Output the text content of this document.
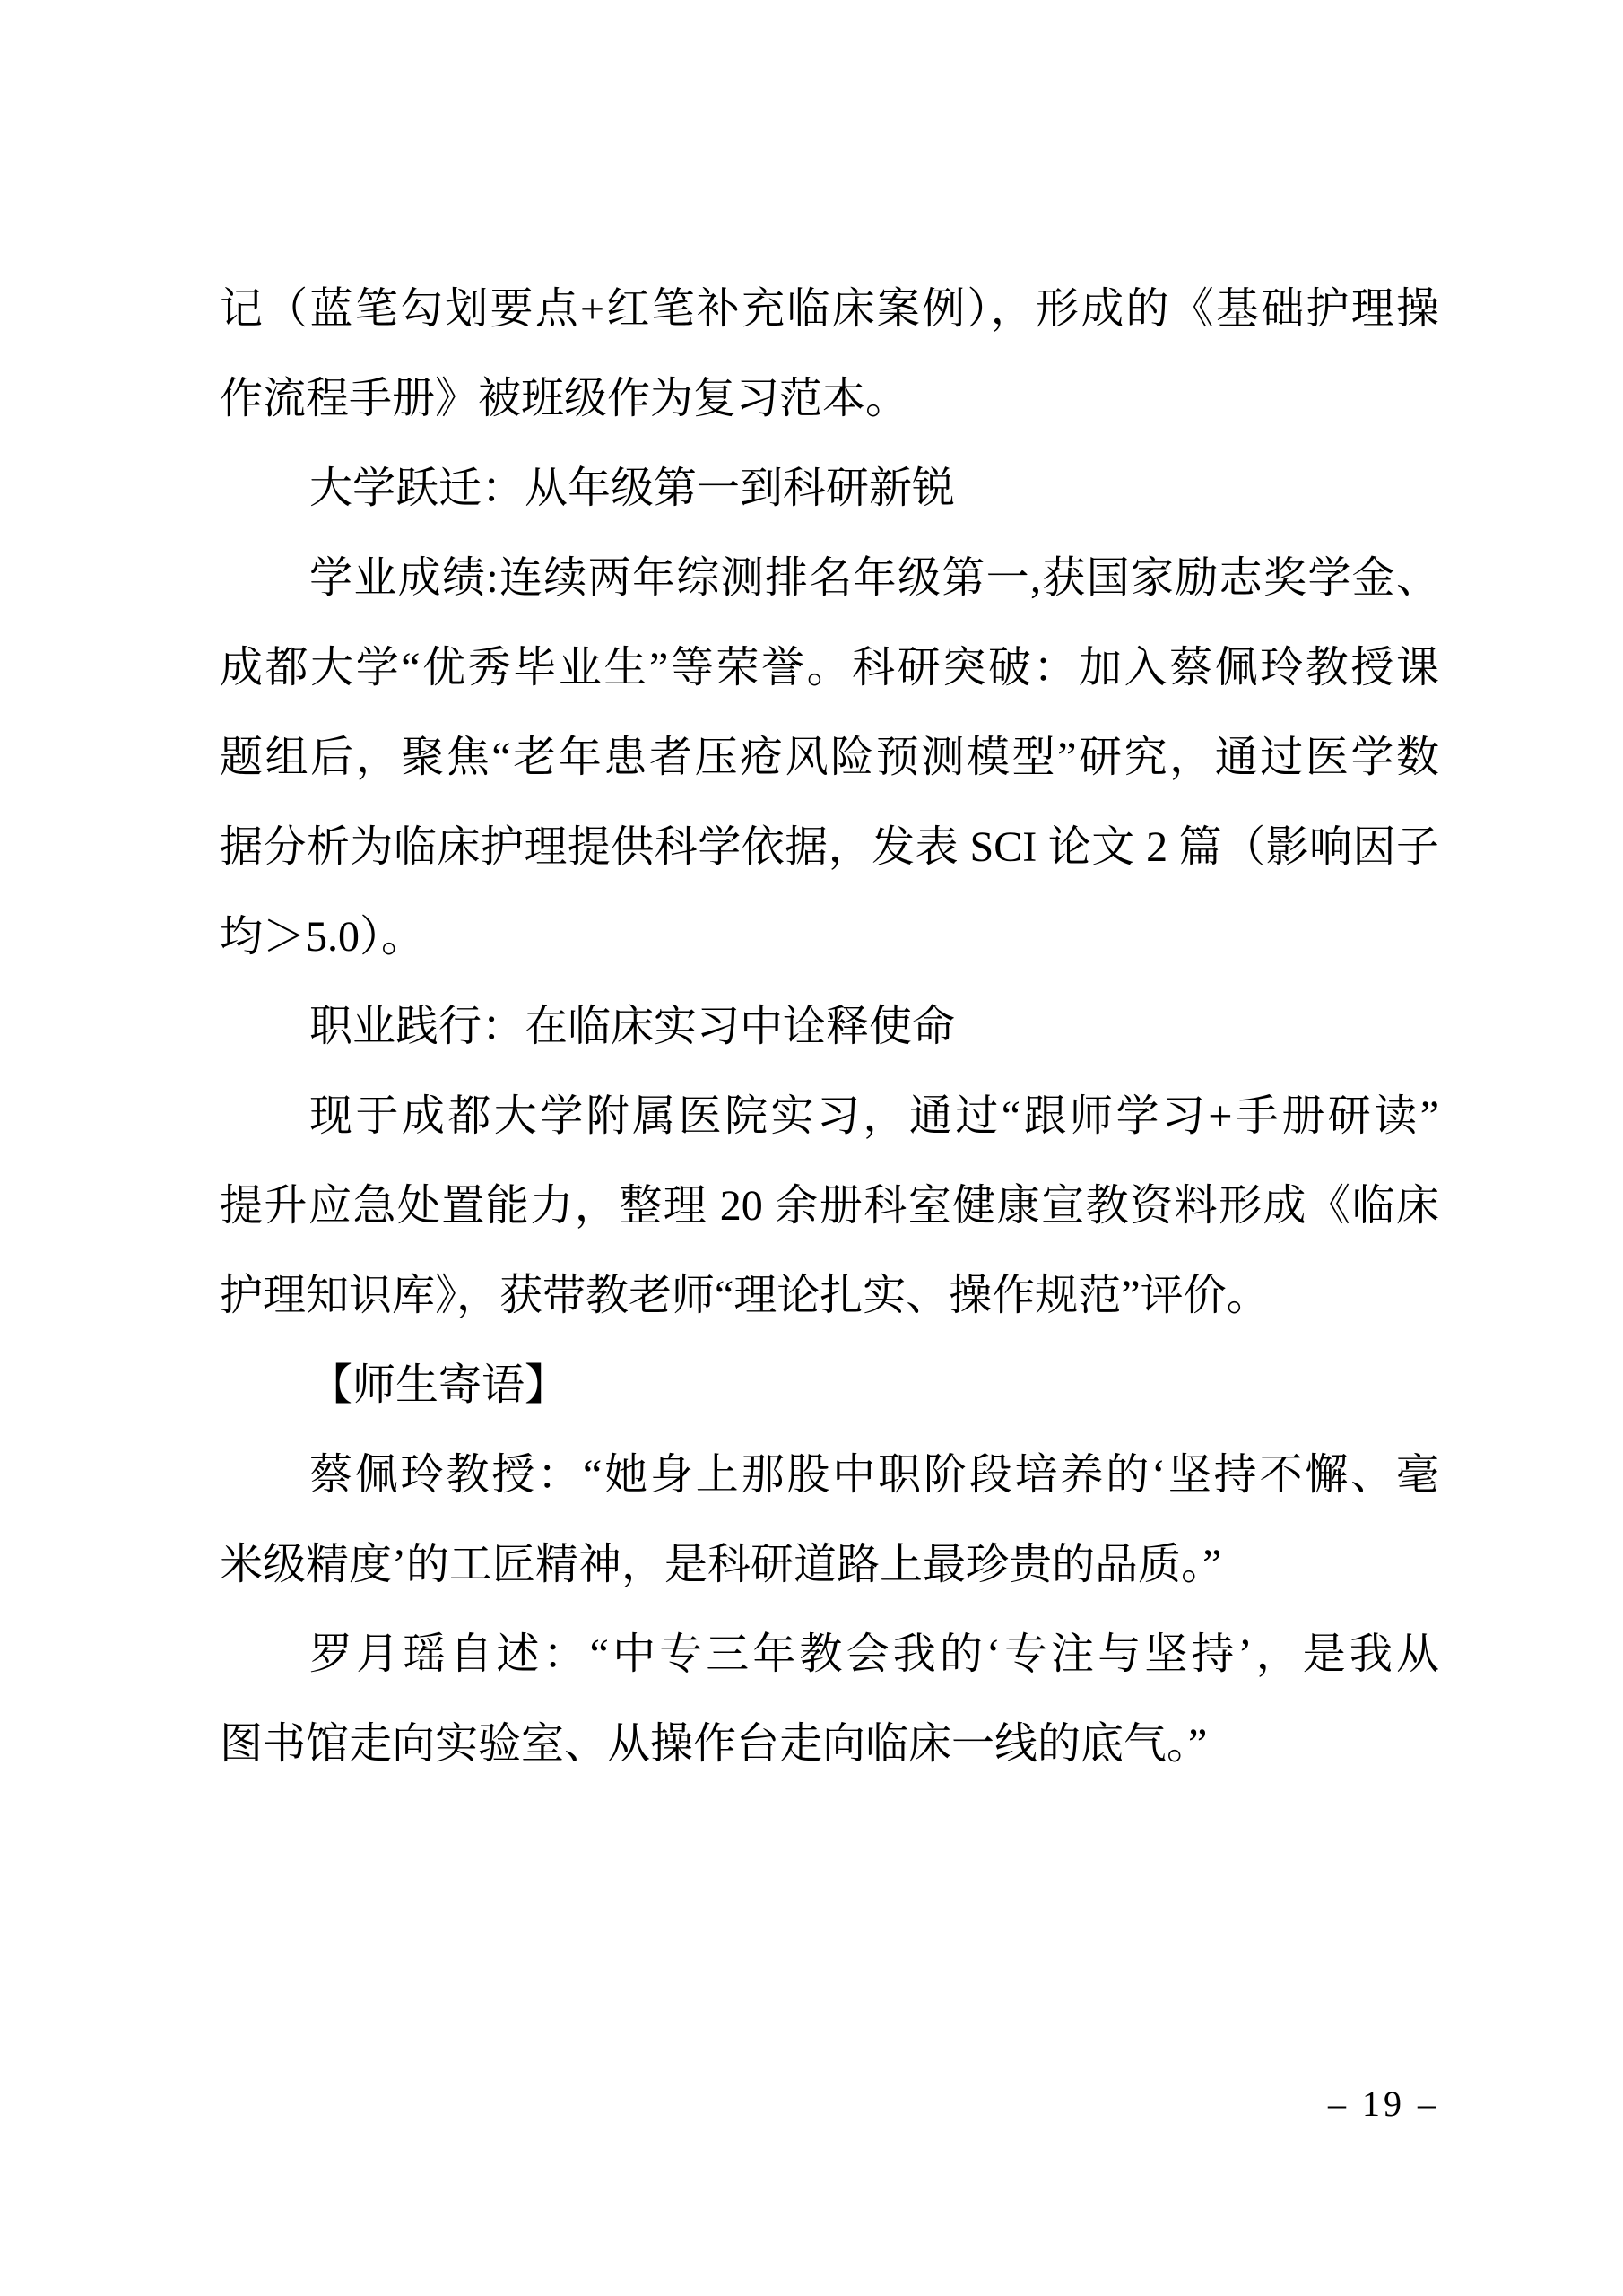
记（蓝笔勾划要点+红笔补充临床案例），形成的《基础护理操
作流程手册》被班级作为复习范本。
大学跃迁：从年级第一到科研新锐
学业成绩:连续两年综测排名年级第一,获国家励志奖学金、
成都大学“优秀毕业生”等荣誉。科研突破：加入蔡佩玲教授课
题组后，聚焦“老年患者压疮风险预测模型”研究，通过医学数
据分析为临床护理提供科学依据，发表 SCI 论文 2 篇（影响因子
均＞5.0）。
职业践行：在临床实习中诠释使命
现于成都大学附属医院实习，通过“跟师学习+手册研读”
提升应急处置能力，整理 20 余册科室健康宣教资料形成《临床
护理知识库》，获带教老师“理论扎实、操作规范”评价。
【师生寄语】
蔡佩玲教授：“她身上那股中职阶段培养的‘坚持不懈、毫
米级精度’的工匠精神，是科研道路上最珍贵的品质。”
罗月瑶自述：“中专三年教会我的‘专注与坚持’，是我从
图书馆走向实验室、从操作台走向临床一线的底气。”
– 19 –
